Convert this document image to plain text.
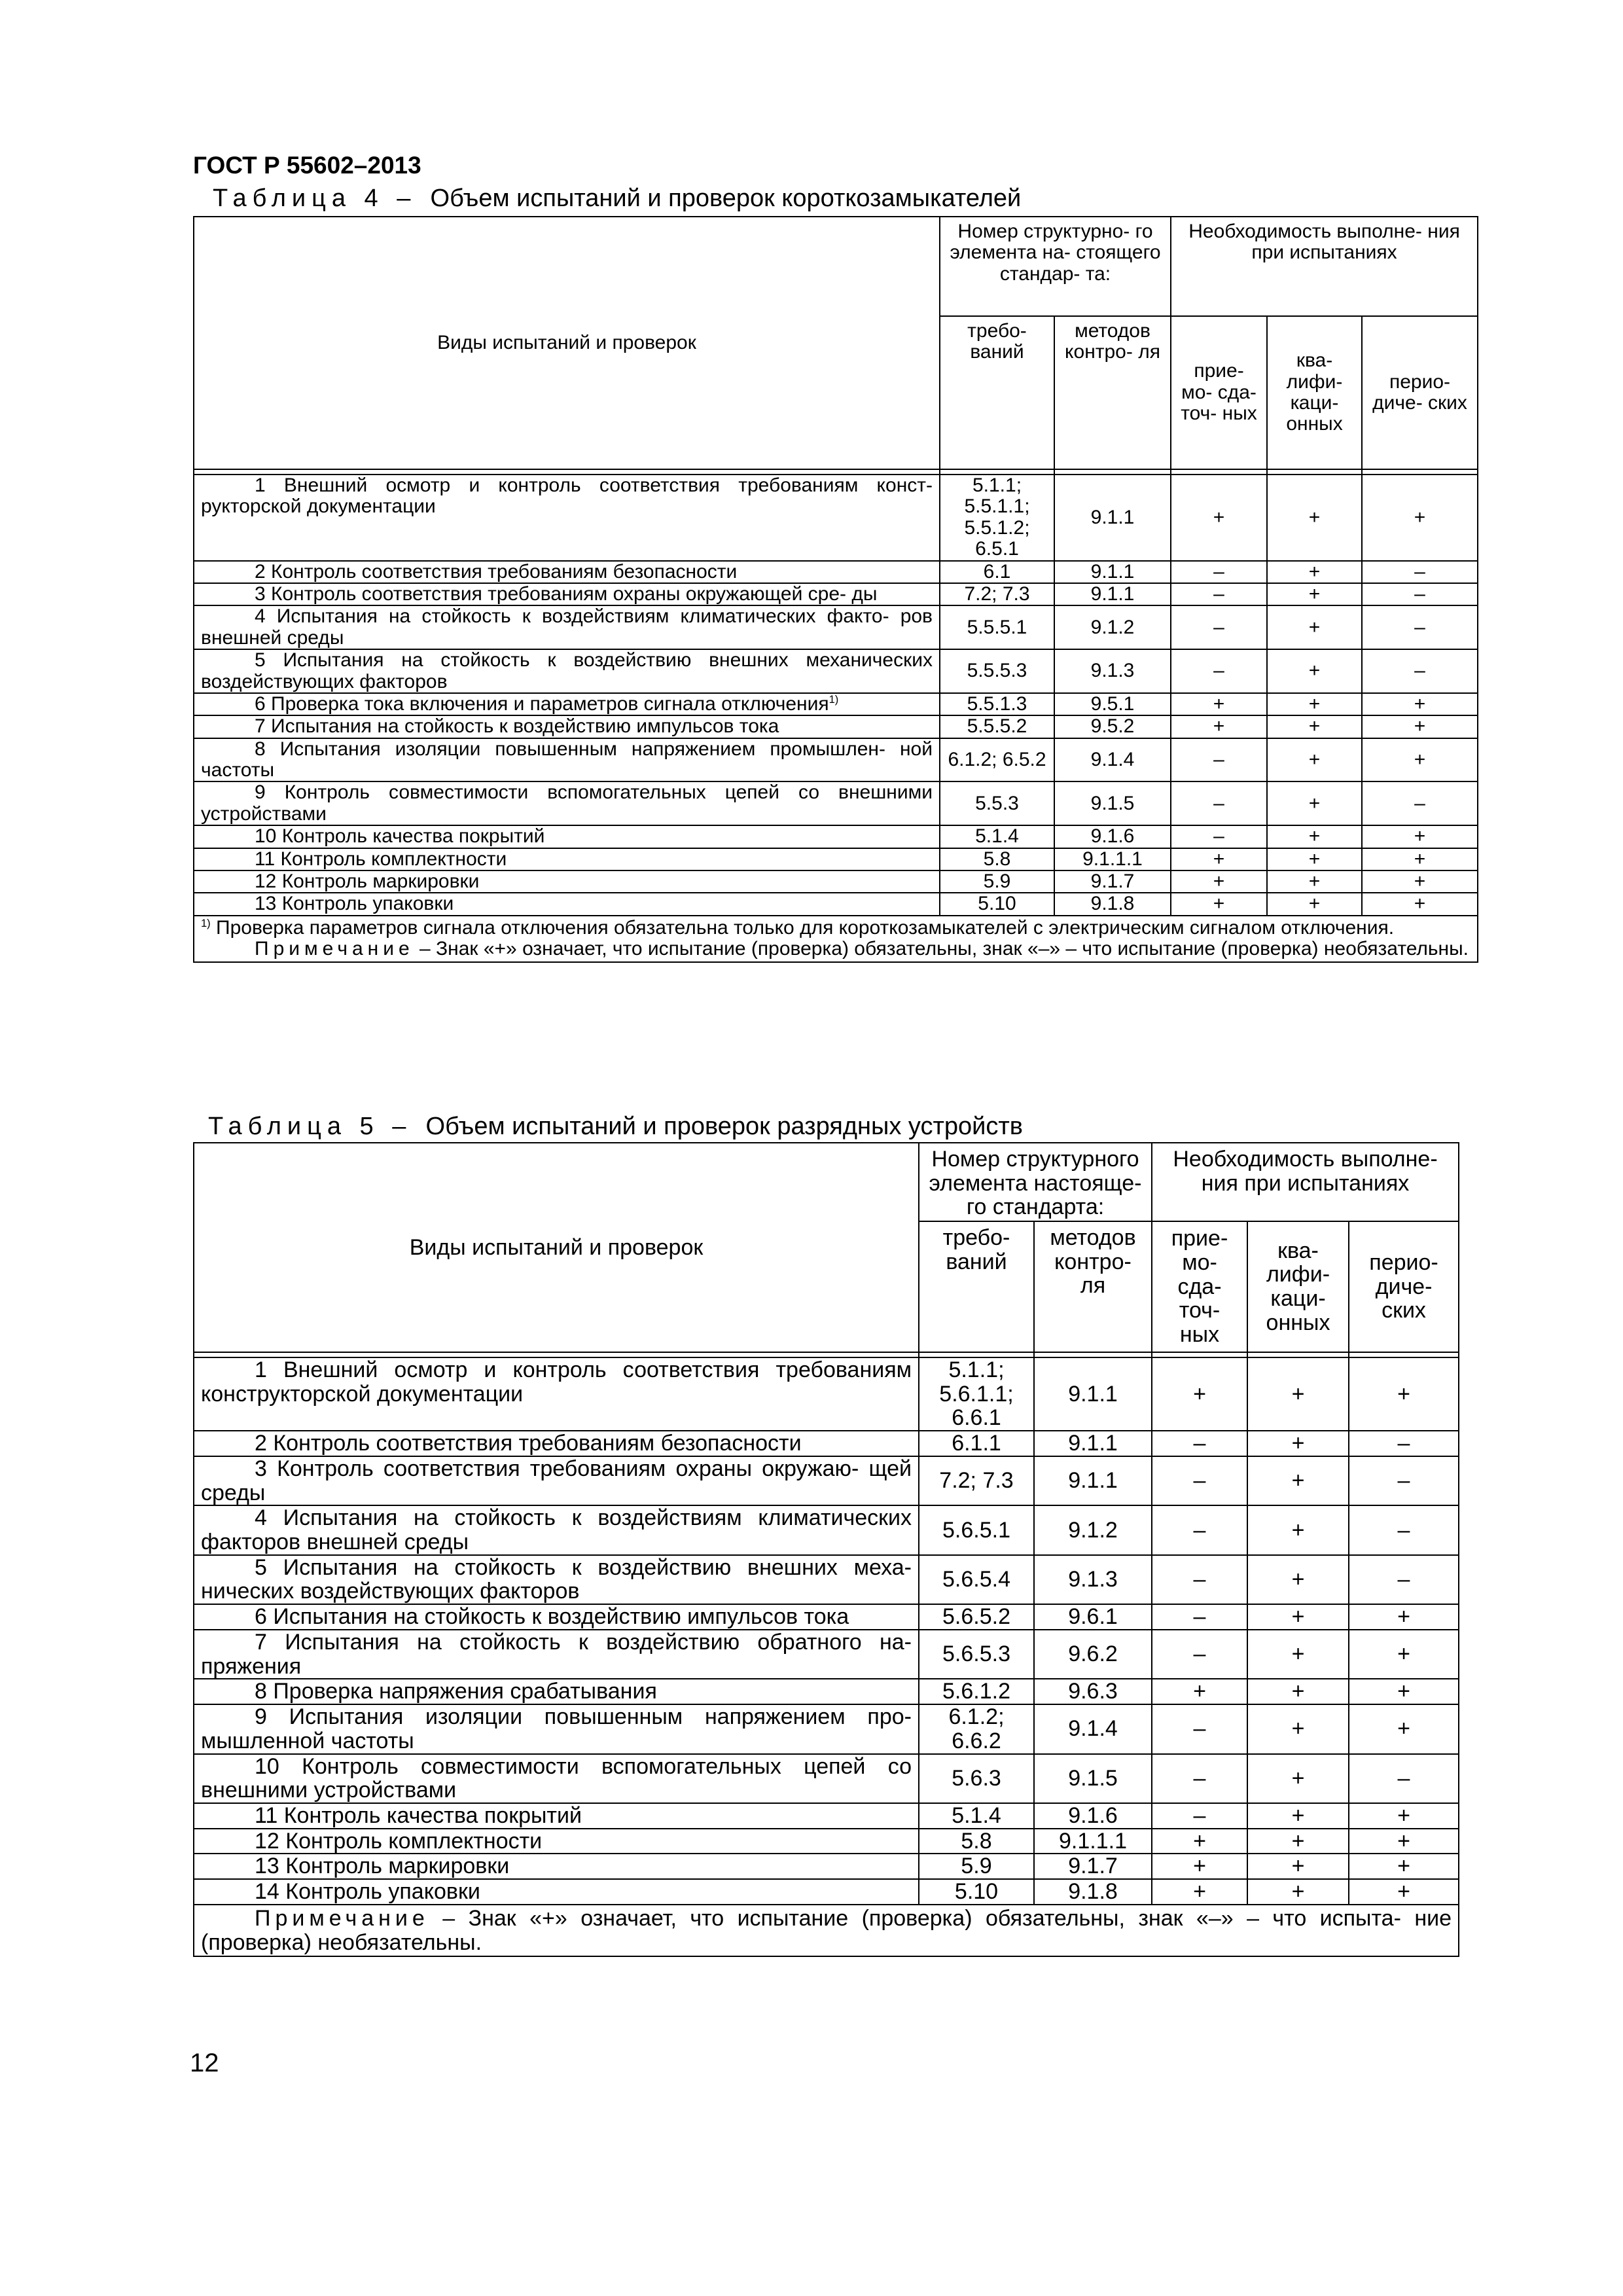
ГОСТ Р 55602–2013
Таблица 4 – Объем испытаний и проверок короткозамыкателей
Виды испытаний и проверок	Номер структурно- го элемента на- стоящего стандар- та:		Необходимость выполне- ния при испытаниях		
	требо- ваний	методов контро- ля	прие- мо- сда- точ- ных	ква- лифи- кaци- онных	перио- диче- ских

1 Внешний осмотр и контроль соответствия требованиям конст- рукторской документации	5.1.1; 5.5.1.1; 5.5.1.2; 6.5.1	9.1.1	+	+	+
2 Контроль соответствия требованиям безопасности	6.1	9.1.1	–	+	–
3 Контроль соответствия требованиям охраны окружающей сре- ды	7.2; 7.3	9.1.1	–	+	–
4 Испытания на стойкость к воздействиям климатических факто- ров внешней среды	5.5.5.1	9.1.2	–	+	–
5 Испытания на стойкость к воздействию внешних механических воздействующих факторов	5.5.5.3	9.1.3	–	+	–
6 Проверка тока включения и параметров сигнала отключения$^{1)}$	5.5.1.3	9.5.1	+	+	+
7 Испытания на стойкость к воздействию импульсов тока	5.5.5.2	9.5.2	+	+	+
8 Испытания изоляции повышенным напряжением промышлен- ной частоты	6.1.2; 6.5.2	9.1.4	–	+	+
9 Контроль совместимости вспомогательных цепей со внешними устройствами	5.5.3	9.1.5	–	+	–
10 Контроль качества покрытий	5.1.4	9.1.6	–	+	+
11 Контроль комплектности	5.8	9.1.1.1	+	+	+
12 Контроль маркировки	5.9	9.1.7	+	+	+
13 Контроль упаковки	5.10	9.1.8	+	+	+
$^{1)}$ Проверка параметров сигнала отключения обязательна только для короткозамыкателей с электрическим сигналом отключения.
Примечание – Знак «+» означает, что испытание (проверка) обязательны, знак «–» – что испытание (проверка) необязательны.					
Таблица 5 – Объем испытаний и проверок разрядных устройств
Виды испытаний и проверок	Номер структурного элемента настояще- го стандарта:		Необходимость выполне- ния при испытаниях		
	требо- ваний	методов контро- ля	прие- мо- сда- точ- ных	ква- лифи- каци- онных	перио- диче- ских

1 Внешний осмотр и контроль соответствия требованиям конструкторской документации	5.1.1; 5.6.1.1; 6.6.1	9.1.1	+	+	+
2 Контроль соответствия требованиям безопасности	6.1.1	9.1.1	–	+	–
3 Контроль соответствия требованиям охраны окружаю- щей среды	7.2; 7.3	9.1.1	–	+	–
4 Испытания на стойкость к воздействиям климатических факторов внешней среды	5.6.5.1	9.1.2	–	+	–
5 Испытания на стойкость к воздействию внешних меха- нических воздействующих факторов	5.6.5.4	9.1.3	–	+	–
6 Испытания на стойкость к воздействию импульсов тока	5.6.5.2	9.6.1	–	+	+
7 Испытания на стойкость к воздействию обратного на- пряжения	5.6.5.3	9.6.2	–	+	+
8 Проверка напряжения срабатывания	5.6.1.2	9.6.3	+	+	+
9 Испытания изоляции повышенным напряжением про- мышленной частоты	6.1.2; 6.6.2	9.1.4	–	+	+
10 Контроль совместимости вспомогательных цепей со внешними устройствами	5.6.3	9.1.5	–	+	–
11 Контроль качества покрытий	5.1.4	9.1.6	–	+	+
12 Контроль комплектности	5.8	9.1.1.1	+	+	+
13 Контроль маркировки	5.9	9.1.7	+	+	+
14 Контроль упаковки	5.10	9.1.8	+	+	+
Примечание – Знак «+» означает, что испытание (проверка) обязательны, знак «–» – что испыта- ние (проверка) необязательны.					
12
